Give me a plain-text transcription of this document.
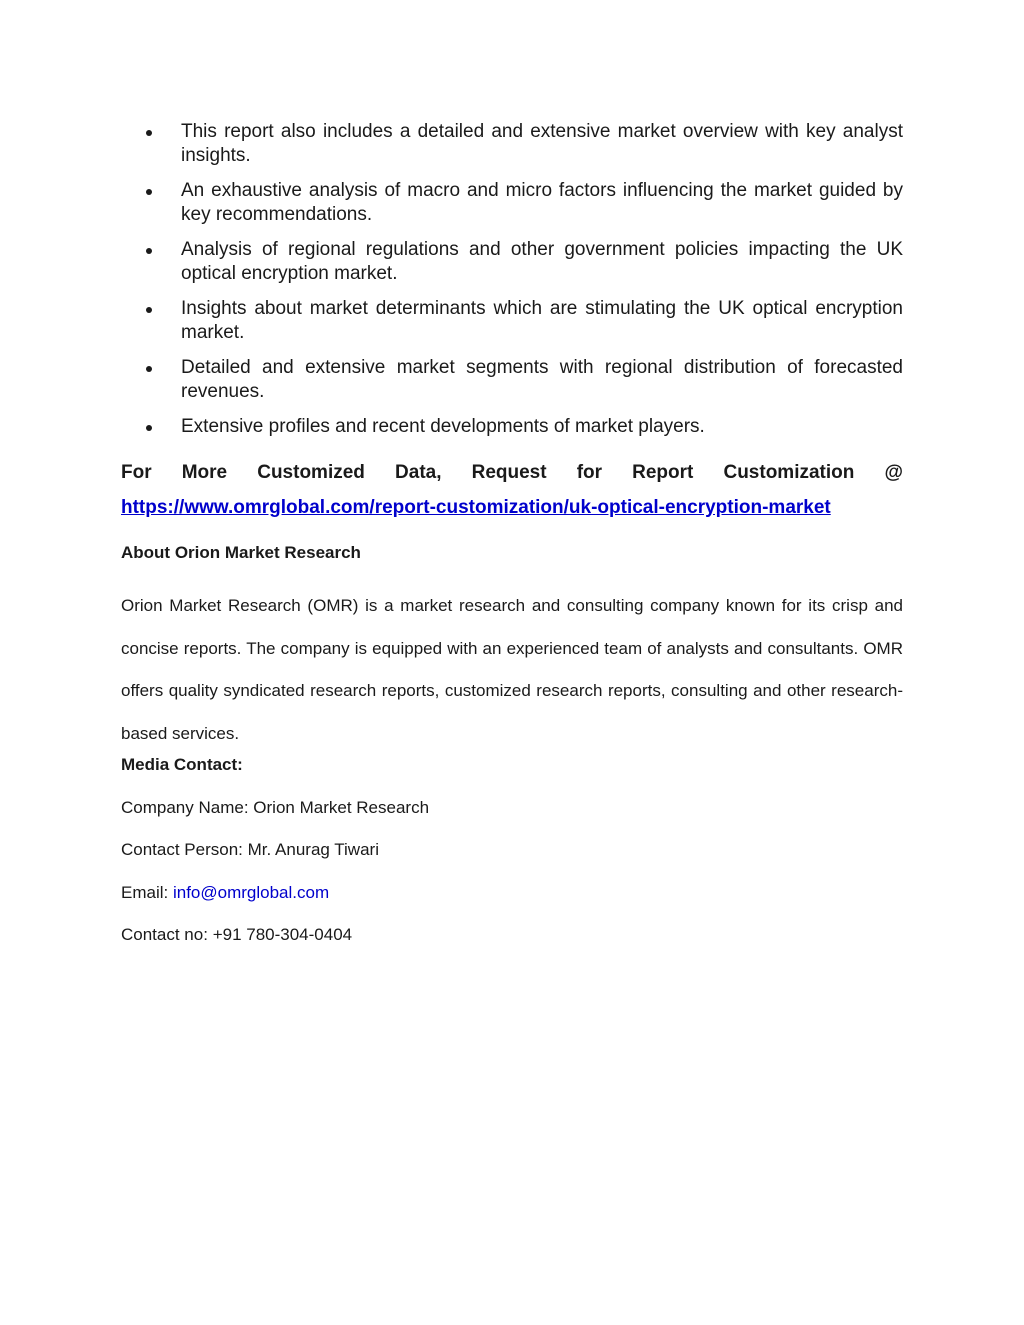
This report also includes a detailed and extensive market overview with key analyst insights.
An exhaustive analysis of macro and micro factors influencing the market guided by key recommendations.
Analysis of regional regulations and other government policies impacting the UK optical encryption market.
Insights about market determinants which are stimulating the UK optical encryption market.
Detailed and extensive market segments with regional distribution of forecasted revenues.
Extensive profiles and recent developments of market players.
For More Customized Data, Request for Report Customization @
https://www.omrglobal.com/report-customization/uk-optical-encryption-market
About Orion Market Research
Orion Market Research (OMR) is a market research and consulting company known for its crisp and concise reports. The company is equipped with an experienced team of analysts and consultants. OMR offers quality syndicated research reports, customized research reports, consulting and other research-based services.
Media Contact:
Company Name: Orion Market Research
Contact Person: Mr. Anurag Tiwari
Email: info@omrglobal.com
Contact no: +91 780-304-0404
